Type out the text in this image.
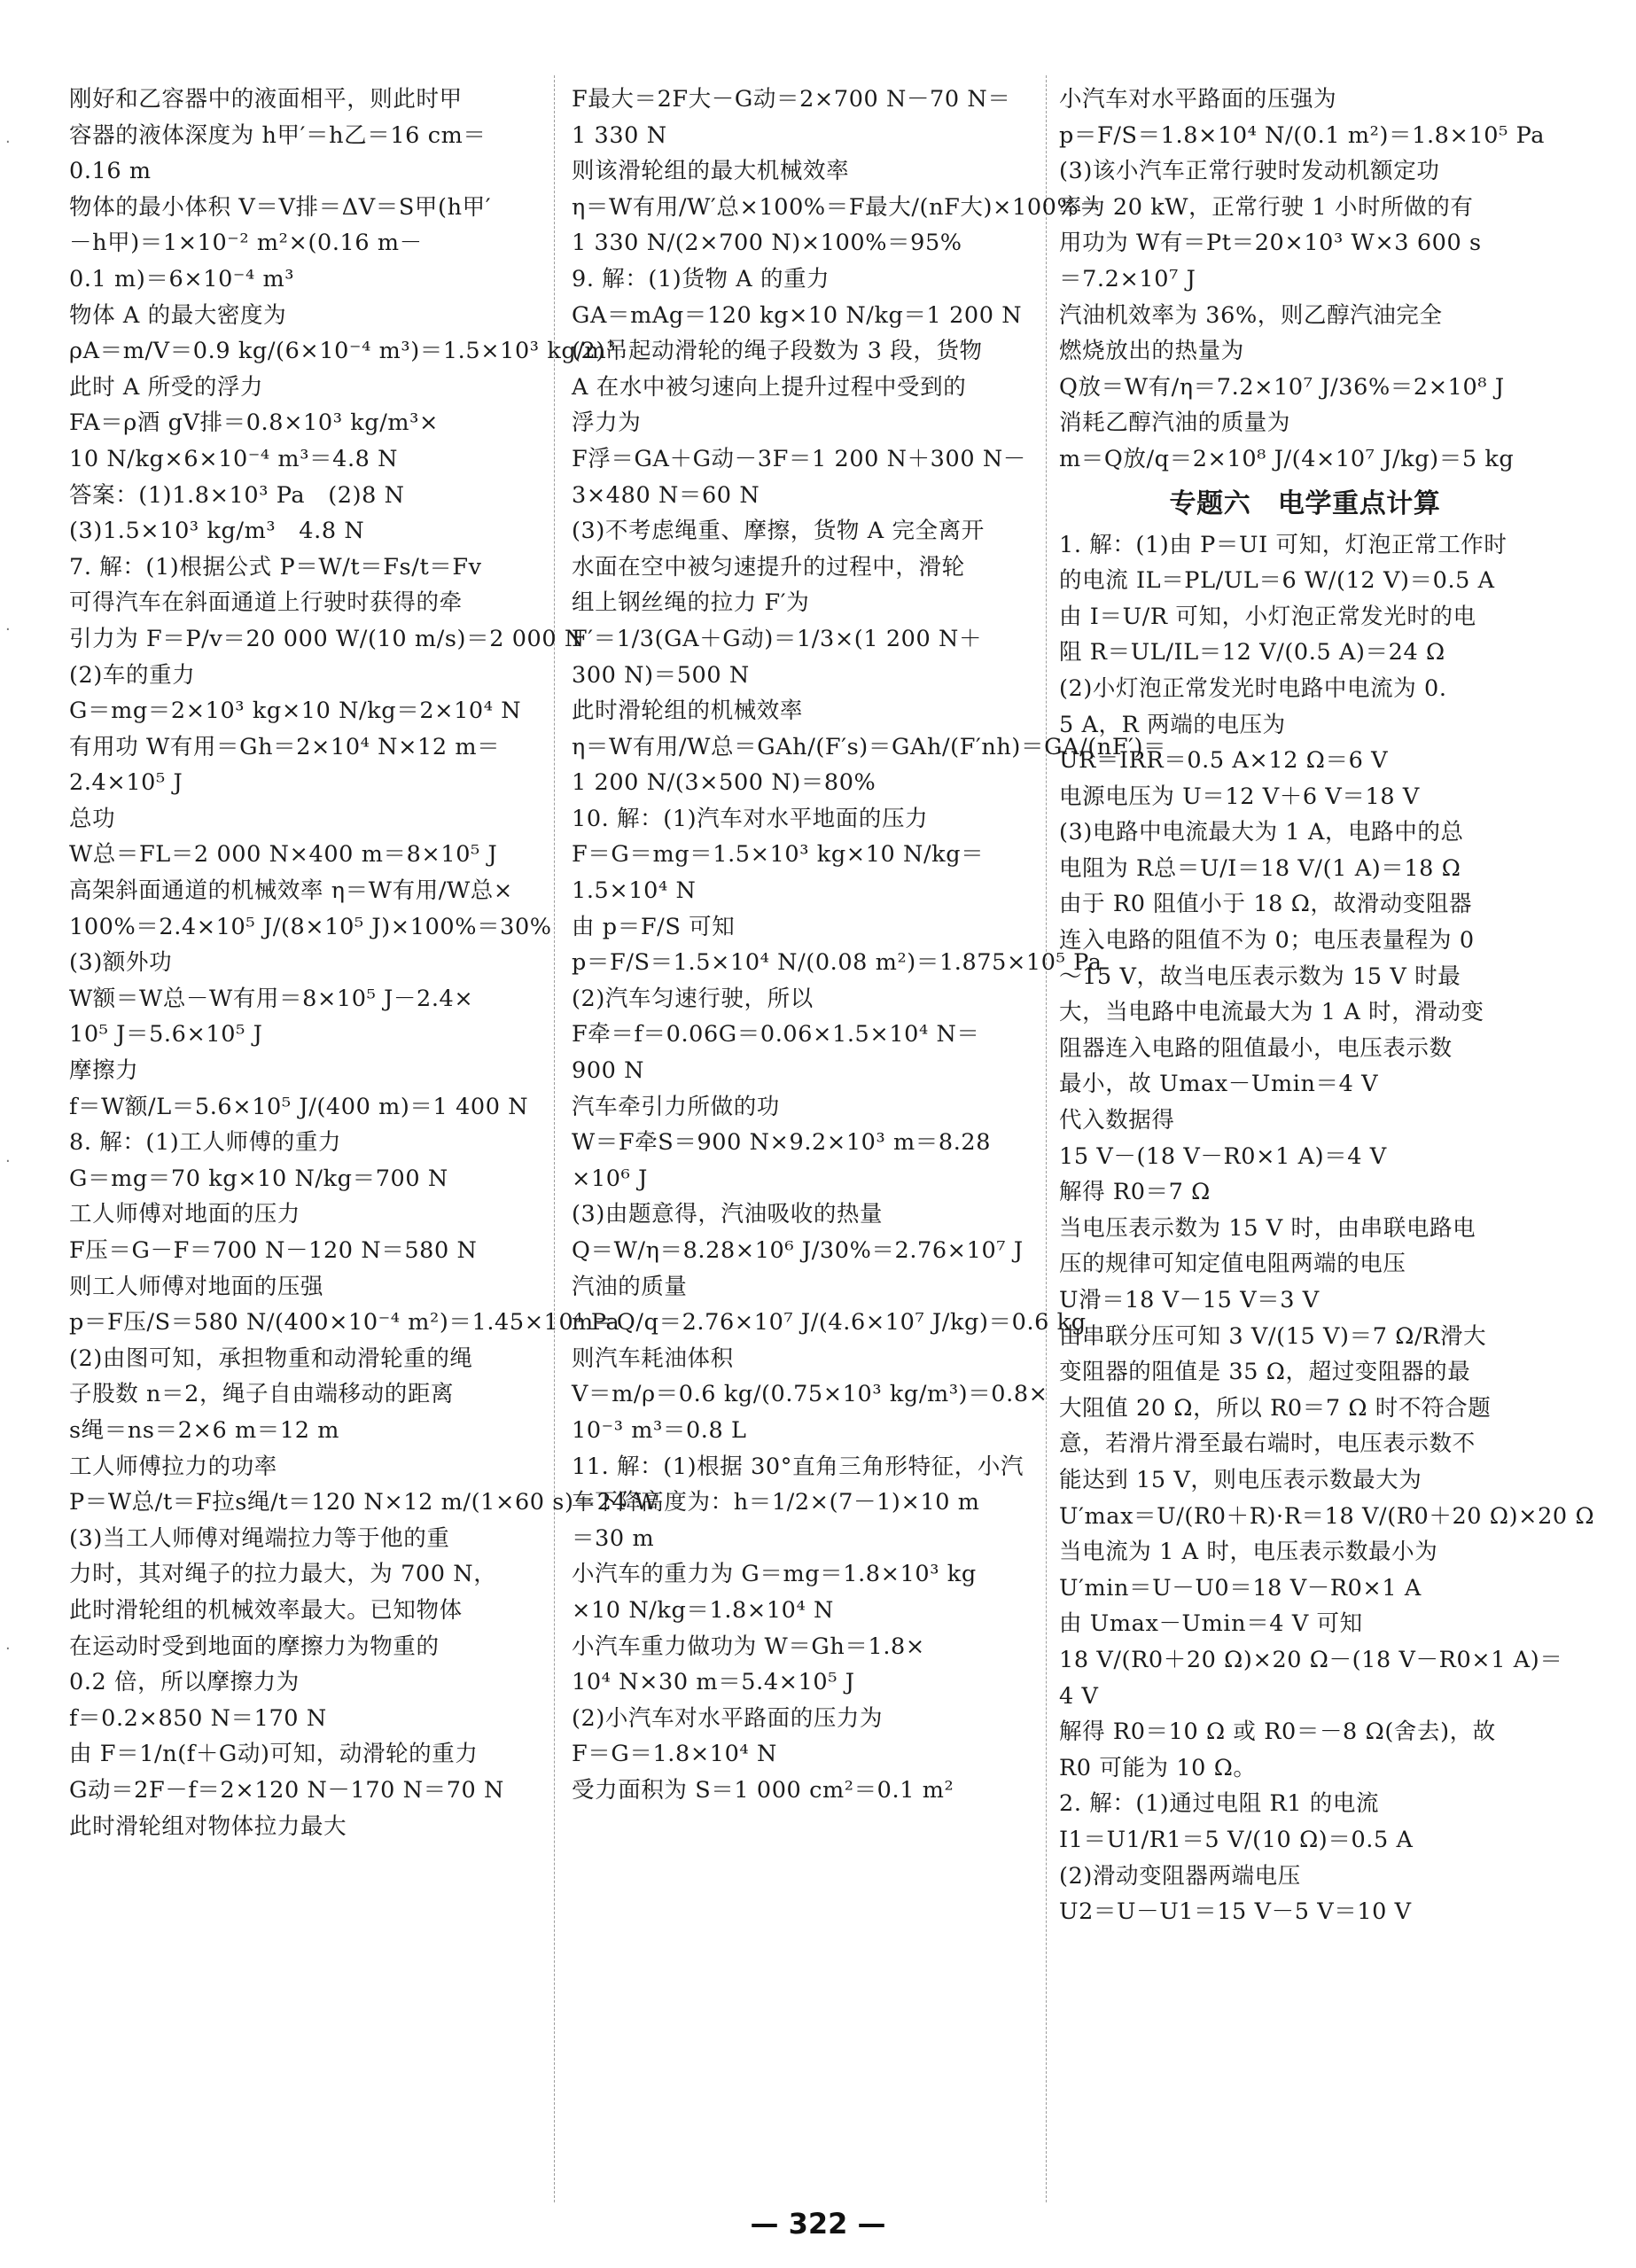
·
·
·
·
刚好和乙容器中的液面相平，则此时甲
容器的液体深度为 h甲′＝h乙＝16 cm＝
0.16 m
物体的最小体积 V＝V排＝ΔV＝S甲(h甲′
－h甲)＝1×10⁻² m²×(0.16 m－
0.1 m)＝6×10⁻⁴ m³
物体 A 的最大密度为
ρA＝m/V＝0.9 kg/(6×10⁻⁴ m³)＝1.5×10³ kg/m³
此时 A 所受的浮力
FA＝ρ酒 gV排＝0.8×10³ kg/m³×
10 N/kg×6×10⁻⁴ m³＝4.8 N
答案：(1)1.8×10³ Pa　(2)8 N
(3)1.5×10³ kg/m³　4.8 N
7. 解：(1)根据公式 P＝W/t＝Fs/t＝Fv
可得汽车在斜面通道上行驶时获得的牵
引力为 F＝P/v＝20 000 W/(10 m/s)＝2 000 N
(2)车的重力
G＝mg＝2×10³ kg×10 N/kg＝2×10⁴ N
有用功 W有用＝Gh＝2×10⁴ N×12 m＝
2.4×10⁵ J
总功
W总＝FL＝2 000 N×400 m＝8×10⁵ J
高架斜面通道的机械效率 η＝W有用/W总×
100%＝2.4×10⁵ J/(8×10⁵ J)×100%＝30%
(3)额外功
W额＝W总－W有用＝8×10⁵ J－2.4×
10⁵ J＝5.6×10⁵ J
摩擦力
f＝W额/L＝5.6×10⁵ J/(400 m)＝1 400 N
8. 解：(1)工人师傅的重力
G＝mg＝70 kg×10 N/kg＝700 N
工人师傅对地面的压力
F压＝G－F＝700 N－120 N＝580 N
则工人师傅对地面的压强
p＝F压/S＝580 N/(400×10⁻⁴ m²)＝1.45×10⁴ Pa
(2)由图可知，承担物重和动滑轮重的绳
子股数 n＝2，绳子自由端移动的距离
s绳＝ns＝2×6 m＝12 m
工人师傅拉力的功率
P＝W总/t＝F拉s绳/t＝120 N×12 m/(1×60 s)＝24 W
(3)当工人师傅对绳端拉力等于他的重
力时，其对绳子的拉力最大，为 700 N，
此时滑轮组的机械效率最大。已知物体
在运动时受到地面的摩擦力为物重的
0.2 倍，所以摩擦力为
f＝0.2×850 N＝170 N
由 F＝1/n(f＋G动)可知，动滑轮的重力
G动＝2F－f＝2×120 N－170 N＝70 N
此时滑轮组对物体拉力最大
F最大＝2F大－G动＝2×700 N－70 N＝
1 330 N
则该滑轮组的最大机械效率
η＝W有用/W′总×100%＝F最大/(nF大)×100%＝
1 330 N/(2×700 N)×100%＝95%
9. 解：(1)货物 A 的重力
GA＝mAg＝120 kg×10 N/kg＝1 200 N
(2)吊起动滑轮的绳子段数为 3 段，货物
A 在水中被匀速向上提升过程中受到的
浮力为
F浮＝GA＋G动－3F＝1 200 N＋300 N－
3×480 N＝60 N
(3)不考虑绳重、摩擦，货物 A 完全离开
水面在空中被匀速提升的过程中，滑轮
组上钢丝绳的拉力 F′为
F′＝1/3(GA＋G动)＝1/3×(1 200 N＋
300 N)＝500 N
此时滑轮组的机械效率
η＝W有用/W总＝GAh/(F′s)＝GAh/(F′nh)＝GA/(nF′)＝
1 200 N/(3×500 N)＝80%
10. 解：(1)汽车对水平地面的压力
F＝G＝mg＝1.5×10³ kg×10 N/kg＝
1.5×10⁴ N
由 p＝F/S 可知
p＝F/S＝1.5×10⁴ N/(0.08 m²)＝1.875×10⁵ Pa
(2)汽车匀速行驶，所以
F牵＝f＝0.06G＝0.06×1.5×10⁴ N＝
900 N
汽车牵引力所做的功
W＝F牵S＝900 N×9.2×10³ m＝8.28
×10⁶ J
(3)由题意得，汽油吸收的热量
Q＝W/η＝8.28×10⁶ J/30%＝2.76×10⁷ J
汽油的质量
m＝Q/q＝2.76×10⁷ J/(4.6×10⁷ J/kg)＝0.6 kg
则汽车耗油体积
V＝m/ρ＝0.6 kg/(0.75×10³ kg/m³)＝0.8×
10⁻³ m³＝0.8 L
11. 解：(1)根据 30°直角三角形特征，小汽
车下降高度为：h＝1/2×(7－1)×10 m
＝30 m
小汽车的重力为 G＝mg＝1.8×10³ kg
×10 N/kg＝1.8×10⁴ N
小汽车重力做功为 W＝Gh＝1.8×
10⁴ N×30 m＝5.4×10⁵ J
(2)小汽车对水平路面的压力为
F＝G＝1.8×10⁴ N
受力面积为 S＝1 000 cm²＝0.1 m²
小汽车对水平路面的压强为
p＝F/S＝1.8×10⁴ N/(0.1 m²)＝1.8×10⁵ Pa
(3)该小汽车正常行驶时发动机额定功
率为 20 kW，正常行驶 1 小时所做的有
用功为 W有＝Pt＝20×10³ W×3 600 s
＝7.2×10⁷ J
汽油机效率为 36%，则乙醇汽油完全
燃烧放出的热量为
Q放＝W有/η＝7.2×10⁷ J/36%＝2×10⁸ J
消耗乙醇汽油的质量为
m＝Q放/q＝2×10⁸ J/(4×10⁷ J/kg)＝5 kg
专题六　电学重点计算
1. 解：(1)由 P＝UI 可知，灯泡正常工作时
的电流 IL＝PL/UL＝6 W/(12 V)＝0.5 A
由 I＝U/R 可知，小灯泡正常发光时的电
阻 R＝UL/IL＝12 V/(0.5 A)＝24 Ω
(2)小灯泡正常发光时电路中电流为 0.
5 A，R 两端的电压为
UR＝IRR＝0.5 A×12 Ω＝6 V
电源电压为 U＝12 V＋6 V＝18 V
(3)电路中电流最大为 1 A，电路中的总
电阻为 R总＝U/I＝18 V/(1 A)＝18 Ω
由于 R0 阻值小于 18 Ω，故滑动变阻器
连入电路的阻值不为 0；电压表量程为 0
～15 V，故当电压表示数为 15 V 时最
大，当电路中电流最大为 1 A 时，滑动变
阻器连入电路的阻值最小，电压表示数
最小，故 Umax－Umin＝4 V
代入数据得
15 V－(18 V－R0×1 A)＝4 V
解得 R0＝7 Ω
当电压表示数为 15 V 时，由串联电路电
压的规律可知定值电阻两端的电压
U滑＝18 V－15 V＝3 V
由串联分压可知 3 V/(15 V)＝7 Ω/R滑大
变阻器的阻值是 35 Ω，超过变阻器的最
大阻值 20 Ω，所以 R0＝7 Ω 时不符合题
意，若滑片滑至最右端时，电压表示数不
能达到 15 V，则电压表示数最大为
U′max＝U/(R0＋R)·R＝18 V/(R0＋20 Ω)×20 Ω
当电流为 1 A 时，电压表示数最小为
U′min＝U－U0＝18 V－R0×1 A
由 Umax－Umin＝4 V 可知
18 V/(R0＋20 Ω)×20 Ω－(18 V－R0×1 A)＝
4 V
解得 R0＝10 Ω 或 R0＝－8 Ω(舍去)，故
R0 可能为 10 Ω。
2. 解：(1)通过电阻 R1 的电流
I1＝U1/R1＝5 V/(10 Ω)＝0.5 A
(2)滑动变阻器两端电压
U2＝U－U1＝15 V－5 V＝10 V
— 322 —
